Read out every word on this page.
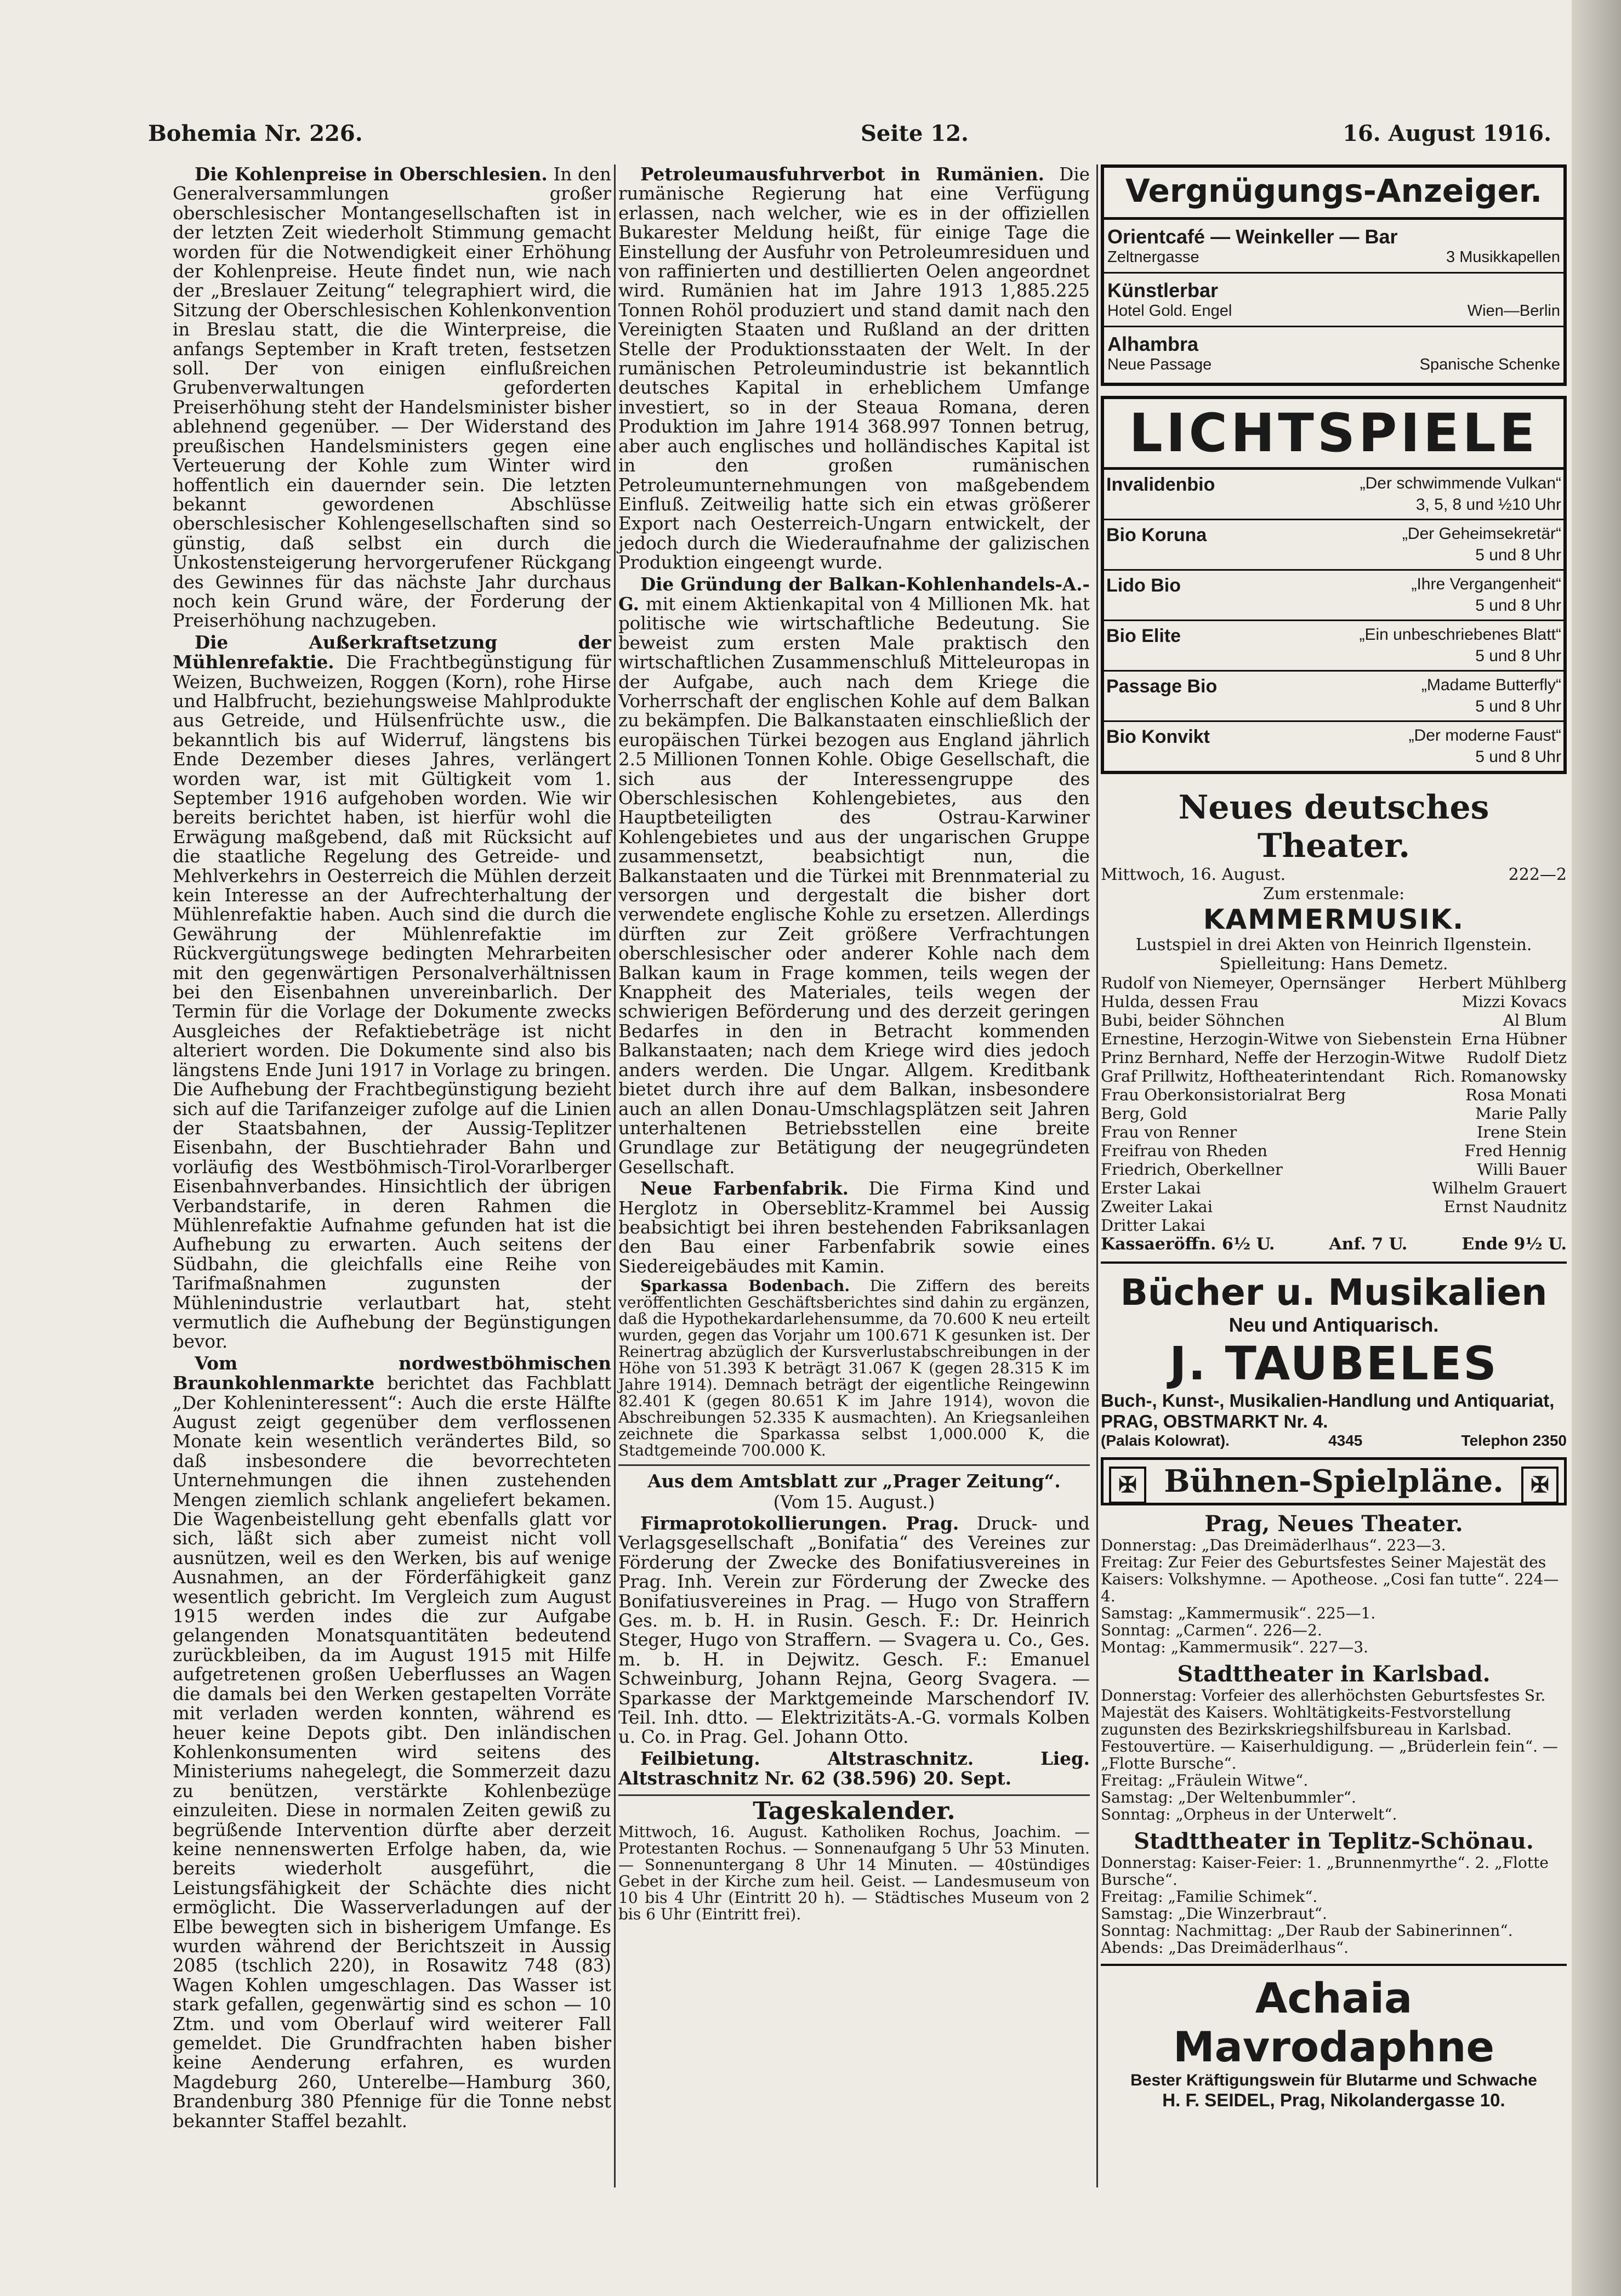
Bohemia Nr. 226.	Seite 12.	16. August 1916.

Die Kohlenpreise in Oberschlesien. In den Generalversammlungen großer oberschlesischer Montangesellschaften ist in der letzten Zeit wiederholt Stimmung gemacht worden für die Notwendigkeit einer Erhöhung der Kohlenpreise. Heute findet nun, wie nach der „Breslauer Zeitung“ telegraphiert wird, die Sitzung der Oberschlesischen Kohlenkonvention in Breslau statt, die die Winterpreise, die anfangs September in Kraft treten, festsetzen soll. Der von einigen einflußreichen Grubenverwaltungen geforderten Preiserhöhung steht der Handelsminister bisher ablehnend gegenüber. — Der Widerstand des preußischen Handelsministers gegen eine Verteuerung der Kohle zum Winter wird hoffentlich ein dauernder sein. Die letzten bekannt gewordenen Abschlüsse oberschlesischer Kohlengesellschaften sind so günstig, daß selbst ein durch die Unkostensteigerung hervorgerufener Rückgang des Gewinnes für das nächste Jahr durchaus noch kein Grund wäre, der Forderung der Preiserhöhung nachzugeben.

Die Außerkraftsetzung der Mühlenrefaktie. Die Frachtbegünstigung für Weizen, Buchweizen, Roggen (Korn), rohe Hirse und Halbfrucht, beziehungsweise Mahlprodukte aus Getreide, und Hülsenfrüchte usw., die bekanntlich bis auf Widerruf, längstens bis Ende Dezember dieses Jahres, verlängert worden war, ist mit Gültigkeit vom 1. September 1916 aufgehoben worden. Wie wir bereits berichtet haben, ist hierfür wohl die Erwägung maßgebend, daß mit Rücksicht auf die staatliche Regelung des Getreide- und Mehlverkehrs in Oesterreich die Mühlen derzeit kein Interesse an der Aufrechterhaltung der Mühlenrefaktie haben. Auch sind die durch die Gewährung der Mühlenrefaktie im Rückvergütungswege bedingten Mehrarbeiten mit den gegenwärtigen Personalverhältnissen bei den Eisenbahnen unvereinbarlich. Der Termin für die Vorlage der Dokumente zwecks Ausgleiches der Refaktiebeträge ist nicht alteriert worden. Die Dokumente sind also bis längstens Ende Juni 1917 in Vorlage zu bringen. Die Aufhebung der Frachtbegünstigung bezieht sich auf die Tarifanzeiger zufolge auf die Linien der Staatsbahnen, der Aussig-Teplitzer Eisenbahn, der Buschtiehrader Bahn und vorläufig des Westböhmisch-Tirol-Vorarlberger Eisenbahnverbandes. Hinsichtlich der übrigen Verbandstarife, in deren Rahmen die Mühlenrefaktie Aufnahme gefunden hat ist die Aufhebung zu erwarten. Auch seitens der Südbahn, die gleichfalls eine Reihe von Tarifmaßnahmen zugunsten der Mühlenindustrie verlautbart hat, steht vermutlich die Aufhebung der Begünstigungen bevor.

Vom nordwestböhmischen Braunkohlenmarkte berichtet das Fachblatt „Der Kohleninteressent“: Auch die erste Hälfte August zeigt gegenüber dem verflossenen Monate kein wesentlich verändertes Bild, so daß insbesondere die bevorrechteten Unternehmungen die ihnen zustehenden Mengen ziemlich schlank angeliefert bekamen. Die Wagenbeistellung geht ebenfalls glatt vor sich, läßt sich aber zumeist nicht voll ausnützen, weil es den Werken, bis auf wenige Ausnahmen, an der Förderfähigkeit ganz wesentlich gebricht. Im Vergleich zum August 1915 werden indes die zur Aufgabe gelangenden Monatsquantitäten bedeutend zurückbleiben, da im August 1915 mit Hilfe aufgetretenen großen Ueberflusses an Wagen die damals bei den Werken gestapelten Vorräte mit verladen werden konnten, während es heuer keine Depots gibt. Den inländischen Kohlenkonsumenten wird seitens des Ministeriums nahegelegt, die Sommerzeit dazu zu benützen, verstärkte Kohlenbezüge einzuleiten. Diese in normalen Zeiten gewiß zu begrüßende Intervention dürfte aber derzeit keine nennenswerten Erfolge haben, da, wie bereits wiederholt ausgeführt, die Leistungsfähigkeit der Schächte dies nicht ermöglicht. Die Wasserverladungen auf der Elbe bewegten sich in bisherigem Umfange. Es wurden während der Berichtszeit in Aussig 2085 (tschlich 220), in Rosawitz 748 (83) Wagen Kohlen umgeschlagen. Das Wasser ist stark gefallen, gegenwärtig sind es schon — 10 Ztm. und vom Oberlauf wird weiterer Fall gemeldet. Die Grundfrachten haben bisher keine Aenderung erfahren, es wurden Magdeburg 260, Unterelbe—Hamburg 360, Brandenburg 380 Pfennige für die Tonne nebst bekannter Staffel bezahlt.

Petroleumausfuhrverbot in Rumänien. Die rumänische Regierung hat eine Verfügung erlassen, nach welcher, wie es in der offiziellen Bukarester Meldung heißt, für einige Tage die Einstellung der Ausfuhr von Petroleumresiduen und von raffinierten und destillierten Oelen angeordnet wird. Rumänien hat im Jahre 1913 1,885.225 Tonnen Rohöl produziert und stand damit nach den Vereinigten Staaten und Rußland an der dritten Stelle der Produktionsstaaten der Welt. In der rumänischen Petroleumindustrie ist bekanntlich deutsches Kapital in erheblichem Umfange investiert, so in der Steaua Romana, deren Produktion im Jahre 1914 368.997 Tonnen betrug, aber auch englisches und holländisches Kapital ist in den großen rumänischen Petroleumunternehmungen von maßgebendem Einfluß. Zeitweilig hatte sich ein etwas größerer Export nach Oesterreich-Ungarn entwickelt, der jedoch durch die Wiederaufnahme der galizischen Produktion eingeengt wurde.

Die Gründung der Balkan-Kohlenhandels-A.-G. mit einem Aktienkapital von 4 Millionen Mk. hat politische wie wirtschaftliche Bedeutung. Sie beweist zum ersten Male praktisch den wirtschaftlichen Zusammenschluß Mitteleuropas in der Aufgabe, auch nach dem Kriege die Vorherrschaft der englischen Kohle auf dem Balkan zu bekämpfen. Die Balkanstaaten einschließlich der europäischen Türkei bezogen aus England jährlich 2.5 Millionen Tonnen Kohle. Obige Gesellschaft, die sich aus der Interessengruppe des Oberschlesischen Kohlengebietes, aus den Hauptbeteiligten des Ostrau-Karwiner Kohlengebietes und aus der ungarischen Gruppe zusammensetzt, beabsichtigt nun, die Balkanstaaten und die Türkei mit Brennmaterial zu versorgen und dergestalt die bisher dort verwendete englische Kohle zu ersetzen. Allerdings dürften zur Zeit größere Verfrachtungen oberschlesischer oder anderer Kohle nach dem Balkan kaum in Frage kommen, teils wegen der Knappheit des Materiales, teils wegen der schwierigen Beförderung und des derzeit geringen Bedarfes in den in Betracht kommenden Balkanstaaten; nach dem Kriege wird dies jedoch anders werden. Die Ungar. Allgem. Kreditbank bietet durch ihre auf dem Balkan, insbesondere auch an allen Donau-Umschlagsplätzen seit Jahren unterhaltenen Betriebsstellen eine breite Grundlage zur Betätigung der neugegründeten Gesellschaft.

Neue Farbenfabrik. Die Firma Kind und Herglotz in Oberseblitz-Krammel bei Aussig beabsichtigt bei ihren bestehenden Fabriksanlagen den Bau einer Farbenfabrik sowie eines Siedereigebäudes mit Kamin.

Sparkassa Bodenbach. Die Ziffern des bereits veröffentlichten Geschäftsberichtes sind dahin zu ergänzen, daß die Hypothekardarlehensumme, da 70.600 K neu erteilt wurden, gegen das Vorjahr um 100.671 K gesunken ist. Der Reinertrag abzüglich der Kursverlustabschreibungen in der Höhe von 51.393 K beträgt 31.067 K (gegen 28.315 K im Jahre 1914). Demnach beträgt der eigentliche Reingewinn 82.401 K (gegen 80.651 K im Jahre 1914), wovon die Abschreibungen 52.335 K ausmachten). An Kriegsanleihen zeichnete die Sparkassa selbst 1,000.000 K, die Stadtgemeinde 700.000 K.

Aus dem Amtsblatt zur „Prager Zeitung“.

(Vom 15. August.)

Firmaprotokollierungen. Prag. Druck- und Verlagsgesellschaft „Bonifatia“ des Vereines zur Förderung der Zwecke des Bonifatiusvereines in Prag. Inh. Verein zur Förderung der Zwecke des Bonifatiusvereines in Prag. — Hugo von Straffern Ges. m. b. H. in Rusin. Gesch. F.: Dr. Heinrich Steger, Hugo von Straffern. — Svagera u. Co., Ges. m. b. H. in Dejwitz. Gesch. F.: Emanuel Schweinburg, Johann Rejna, Georg Svagera. — Sparkasse der Marktgemeinde Marschendorf IV. Teil. Inh. dtto. — Elektrizitäts-A.-G. vormals Kolben u. Co. in Prag. Gel. Johann Otto.

Feilbietung. Altstraschnitz.	Lieg. Altstraschnitz Nr. 62 (38.596) 20. Sept.

Tageskalender.

Mittwoch, 16. August. Katholiken Rochus, Joachim. — Protestanten Rochus. — Sonnenaufgang 5 Uhr 53 Minuten. — Sonnenuntergang 8 Uhr 14 Minuten. — 40stündiges Gebet in der Kirche zum heil. Geist. — Landesmuseum von 10 bis 4 Uhr (Eintritt 20 h). — Städtisches Museum von 2 bis 6 Uhr (Eintritt frei).

Vergnügungs-Anzeiger.
Orientcafé — Weinkeller — Bar
Zeltnergasse	3 Musikkapellen
Künstlerbar
Hotel Gold. Engel	Wien—Berlin
Alhambra
Neue Passage	Spanische Schenke
LICHTSPIELE
Invalidenbio	„Der schwimmende Vulkan“
3, 5, 8 und ½10 Uhr
Bio Koruna	„Der Geheimsekretär“
5 und 8 Uhr
Lido Bio	„Ihre Vergangenheit“
5 und 8 Uhr
Bio Elite	„Ein unbeschriebenes Blatt“
5 und 8 Uhr
Passage Bio	„Madame Butterfly“
5 und 8 Uhr
Bio Konvikt	„Der moderne Faust“
5 und 8 Uhr
Neues deutsches Theater.
Mittwoch, 16. August.	222—2
Zum erstenmale:
KAMMERMUSIK.
Lustspiel in drei Akten von Heinrich Ilgenstein. Spielleitung: Hans Demetz.
Rudolf von Niemeyer, Opernsänger Herbert Mühlberg
Hulda, dessen Frau	Mizzi Kovacs
Bubi, beider Söhnchen	Al Blum
Ernestine, Herzogin-Witwe von Siebenstein Erna Hübner
Prinz Bernhard, Neffe der Herzogin-Witwe Rudolf Dietz
Graf Prillwitz, Hoftheaterintendant Rich. Romanowsky
Frau Oberkonsistorialrat Berg	Rosa Monati
Berg, Gold	Marie Pally
Frau von Renner	Irene Stein
Freifrau von Rheden	Fred Hennig
Friedrich, Oberkellner	Willi Bauer
Erster Lakai	Wilhelm Grauert
Zweiter Lakai	Ernst Naudnitz
Dritter Lakai
Kassaeröffn. 6½ U.	Anf. 7 U.	Ende 9½ U.
Bücher u. Musikalien
Neu und Antiquarisch.
J. TAUBELES
Buch-, Kunst-, Musikalien-Handlung und Antiquariat, PRAG, OBSTMARKT Nr. 4.
(Palais Kolowrat).	4345	Telephon 2350
✠ Bühnen-Spielpläne.	✠
Prag, Neues Theater.
Donnerstag: „Das Dreimäderlhaus“. 223—3.
Freitag: Zur Feier des Geburtsfestes Seiner Majestät des Kaisers: Volkshymne. — Apotheose. „Cosi fan tutte“. 224—4.
Samstag: „Kammermusik“. 225—1.
Sonntag: „Carmen“. 226—2.
Montag: „Kammermusik“. 227—3.
Stadttheater in Karlsbad.
Donnerstag: Vorfeier des allerhöchsten Geburtsfestes Sr. Majestät des Kaisers. Wohltätigkeits-Festvorstellung zugunsten des Bezirkskriegshilfsbureau in Karlsbad. Festouvertüre. — Kaiserhuldigung. — „Brüderlein fein“. — „Flotte Bursche“.
Freitag: „Fräulein Witwe“.
Samstag: „Der Weltenbummler“.
Sonntag: „Orpheus in der Unterwelt“.
Stadttheater in Teplitz-Schönau.
Donnerstag: Kaiser-Feier: 1. „Brunnenmyrthe“. 2. „Flotte Bursche“.
Freitag: „Familie Schimek“.
Samstag: „Die Winzerbraut“.
Sonntag: Nachmittag: „Der Raub der Sabinerinnen“.
Abends: „Das Dreimäderlhaus“.
Achaia Mavrodaphne
Bester Kräftigungswein für Blutarme und Schwache
H. F. SEIDEL, Prag, Nikolandergasse 10.
